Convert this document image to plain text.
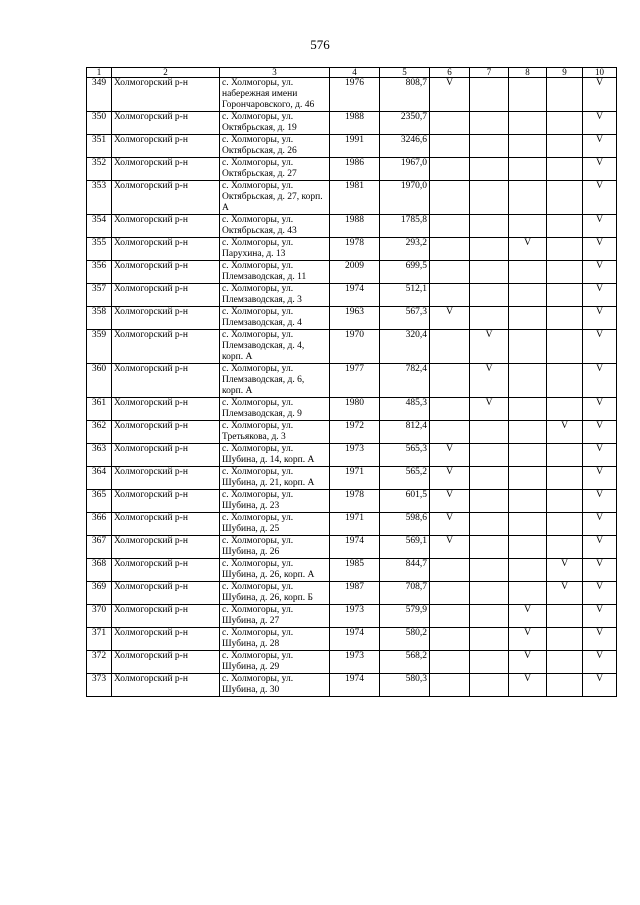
576
1	2	3	4	5	6	7	8	9	10
349	Холмогорский р-н	с. Холмогоры, ул. набережная имени Горончаровского, д. 46	1976	808,7	V				V
350	Холмогорский р-н	с. Холмогоры, ул. Октябрьская, д. 19	1988	2350,7					V
351	Холмогорский р-н	с. Холмогоры, ул. Октябрьская, д. 26	1991	3246,6					V
352	Холмогорский р-н	с. Холмогоры, ул. Октябрьская, д. 27	1986	1967,0					V
353	Холмогорский р-н	с. Холмогоры, ул. Октябрьская, д. 27, корп. А	1981	1970,0					V
354	Холмогорский р-н	с. Холмогоры, ул. Октябрьская, д. 43	1988	1785,8					V
355	Холмогорский р-н	с. Холмогоры, ул. Парухина, д. 13	1978	293,2			V		V
356	Холмогорский р-н	с. Холмогоры, ул. Племзаводская, д. 11	2009	699,5					V
357	Холмогорский р-н	с. Холмогоры, ул. Племзаводская, д. 3	1974	512,1					V
358	Холмогорский р-н	с. Холмогоры, ул. Племзаводская, д. 4	1963	567,3	V				V
359	Холмогорский р-н	с. Холмогоры, ул. Племзаводская, д. 4, корп. А	1970	320,4		V			V
360	Холмогорский р-н	с. Холмогоры, ул. Племзаводская, д. 6, корп. А	1977	782,4		V			V
361	Холмогорский р-н	с. Холмогоры, ул. Племзаводская, д. 9	1980	485,3		V			V
362	Холмогорский р-н	с. Холмогоры, ул. Третьякова, д. 3	1972	812,4				V	V
363	Холмогорский р-н	с. Холмогоры, ул. Шубина, д. 14, корп. А	1973	565,3	V				V
364	Холмогорский р-н	с. Холмогоры, ул. Шубина, д. 21, корп. А	1971	565,2	V				V
365	Холмогорский р-н	с. Холмогоры, ул. Шубина, д. 23	1978	601,5	V				V
366	Холмогорский р-н	с. Холмогоры, ул. Шубина, д. 25	1971	598,6	V				V
367	Холмогорский р-н	с. Холмогоры, ул. Шубина, д. 26	1974	569,1	V				V
368	Холмогорский р-н	с. Холмогоры, ул. Шубина, д. 26, корп. А	1985	844,7				V	V
369	Холмогорский р-н	с. Холмогоры, ул. Шубина, д. 26, корп. Б	1987	708,7				V	V
370	Холмогорский р-н	с. Холмогоры, ул. Шубина, д. 27	1973	579,9			V		V
371	Холмогорский р-н	с. Холмогоры, ул. Шубина, д. 28	1974	580,2			V		V
372	Холмогорский р-н	с. Холмогоры, ул. Шубина, д. 29	1973	568,2			V		V
373	Холмогорский р-н	с. Холмогоры, ул. Шубина, д. 30	1974	580,3			V		V
